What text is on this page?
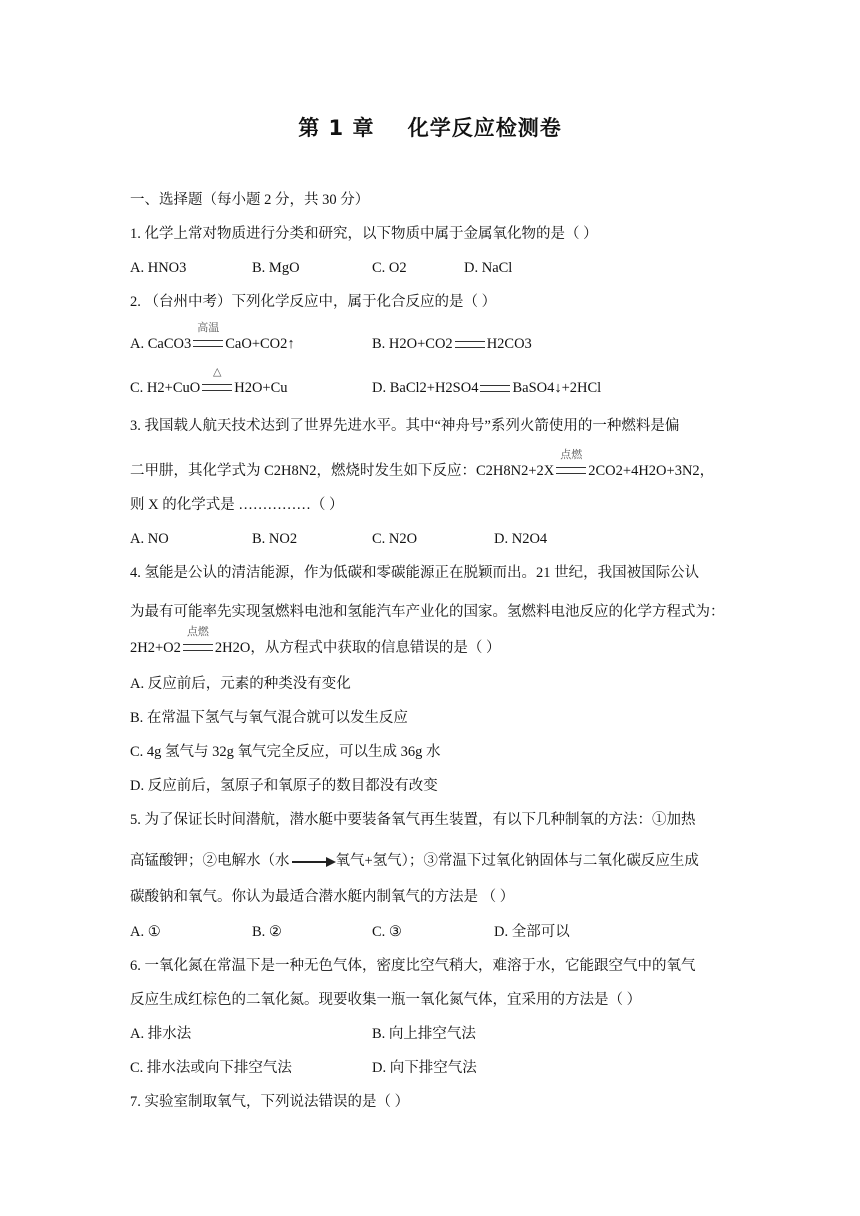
第 1 章    化学反应检测卷
一、选择题（每小题 2 分，共 30 分）
1. 化学上常对物质进行分类和研究，以下物质中属于金属氧化物的是（ ）
A. HNO3	B. MgO	C. O2	D. NaCl
2. （台州中考）下列化学反应中，属于化合反应的是（ ）
A. CaCO3
高温
CaO+CO2↑	B. H2O+CO2 H2CO3
C. H2+CuO
△
H2O+Cu	D. BaCl2+H2SO4 BaSO4↓+2HCl
3. 我国载人航天技术达到了世界先进水平。其中“神舟号”系列火箭使用的一种燃料是偏
二甲肼，其化学式为 C2H8N2，燃烧时发生如下反应：C2H8N2+2X
点燃
2CO2+4H2O+3N2，
则 X 的化学式是 ……………（ ）
A. NO	B. NO2	C. N2O	D. N2O4
4. 氢能是公认的清洁能源，作为低碳和零碳能源正在脱颖而出。21 世纪，我国被国际公认
为最有可能率先实现氢燃料电池和氢能汽车产业化的国家。氢燃料电池反应的化学方程式为：
2H2+O2
点燃
2H2O，从方程式中获取的信息错误的是（ ）
A. 反应前后，元素的种类没有变化
B. 在常温下氢气与氧气混合就可以发生反应
C. 4g 氢气与 32g 氧气完全反应，可以生成 36g 水
D. 反应前后，氢原子和氧原子的数目都没有改变
5. 为了保证长时间潜航，潜水艇中要装备氧气再生装置，有以下几种制氧的方法：①加热
高锰酸钾；②电解水（水	氧气+氢气）；③常温下过氧化钠固体与二氧化碳反应生成
碳酸钠和氧气。你认为最适合潜水艇内制氧气的方法是 （ ）
A. ①	B. ②	C. ③	D. 全部可以
6. 一氧化氮在常温下是一种无色气体，密度比空气稍大，难溶于水，它能跟空气中的氧气
反应生成红棕色的二氧化氮。现要收集一瓶一氧化氮气体，宜采用的方法是（ ）
A. 排水法	B. 向上排空气法
C. 排水法或向下排空气法	D. 向下排空气法
7. 实验室制取氧气，下列说法错误的是（ ）
